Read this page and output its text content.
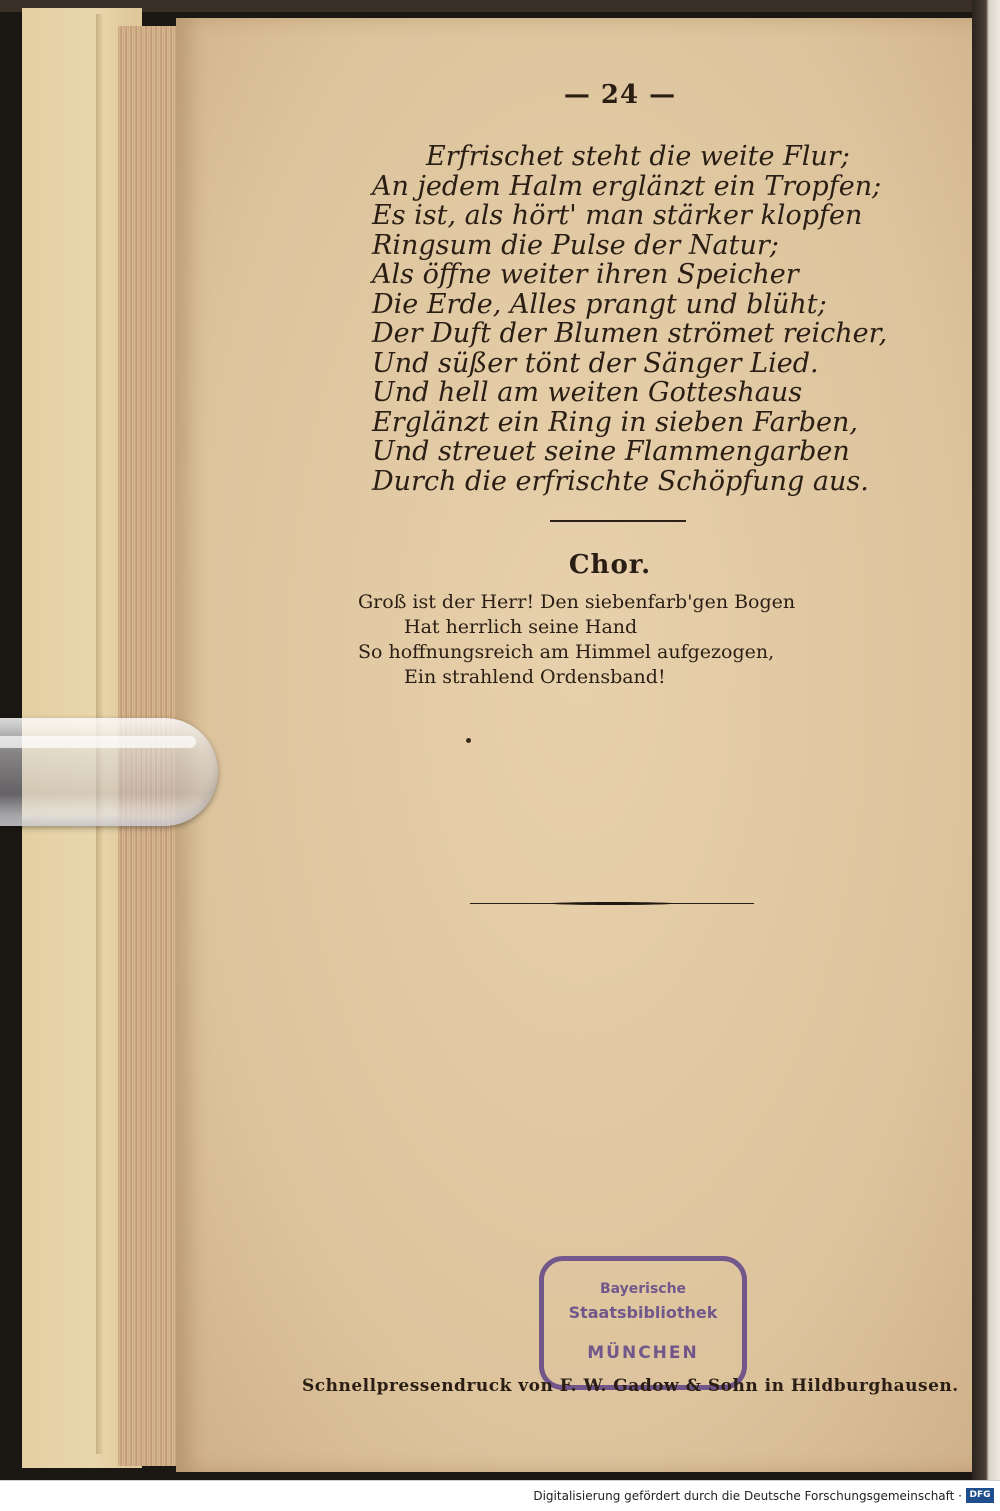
— 24 —
Erfrischet steht die weite Flur;
An jedem Halm erglänzt ein Tropfen;
Es ist, als hört' man stärker klopfen
Ringsum die Pulse der Natur;
Als öffne weiter ihren Speicher
Die Erde, Alles prangt und blüht;
Der Duft der Blumen strömet reicher,
Und süßer tönt der Sänger Lied.
Und hell am weiten Gotteshaus
Erglänzt ein Ring in sieben Farben,
Und streuet seine Flammengarben
Durch die erfrischte Schöpfung aus.
Chor.
Groß ist der Herr! Den siebenfarb'gen Bogen
Hat herrlich seine Hand
So hoffnungsreich am Himmel aufgezogen,
Ein strahlend Ordensband!
Bayerische
Staatsbibliothek
MÜNCHEN
Schnellpressendruck von F. W. Gadow & Sohn in Hildburghausen.
Digitalisierung gefördert durch die Deutsche Forschungsgemeinschaft · DFG
